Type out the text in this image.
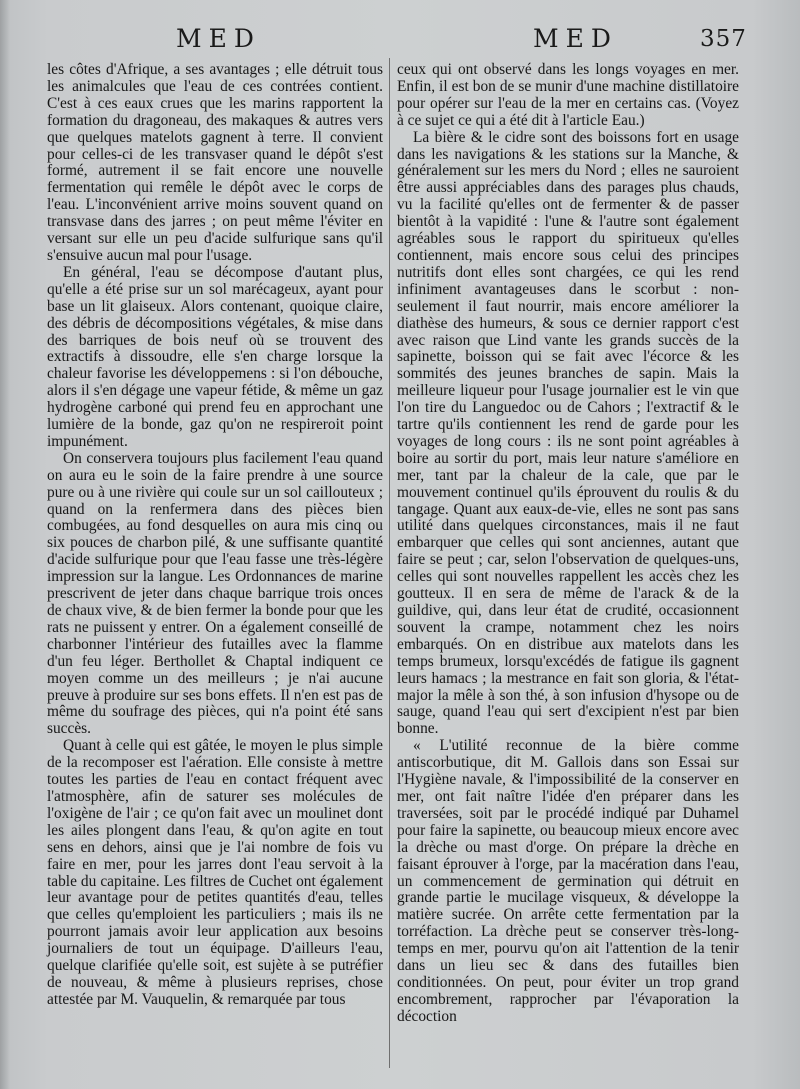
MED	MED	357

les côtes d'Afrique, a ses avantages ; elle détruit tous les animalcules que l'eau de ces contrées contient. C'est à ces eaux crues que les marins rapportent la formation du dragoneau, des makaques & autres vers que quelques matelots gagnent à terre. Il convient pour celles-ci de les transvaser quand le dépôt s'est formé, autrement il se fait encore une nouvelle fermentation qui remêle le dépôt avec le corps de l'eau. L'inconvénient arrive moins souvent quand on transvase dans des jarres ; on peut même l'éviter en versant sur elle un peu d'acide sulfurique sans qu'il s'ensuive aucun mal pour l'usage.

En général, l'eau se décompose d'autant plus, qu'elle a été prise sur un sol marécageux, ayant pour base un lit glaiseux. Alors contenant, quoique claire, des débris de décompositions végétales, & mise dans des barriques de bois neuf où se trouvent des extractifs à dissoudre, elle s'en charge lorsque la chaleur favorise les développemens : si l'on débouche, alors il s'en dégage une vapeur fétide, & même un gaz hydrogène carboné qui prend feu en approchant une lumière de la bonde, gaz qu'on ne respireroit point impunément.

On conservera toujours plus facilement l'eau quand on aura eu le soin de la faire prendre à une source pure ou à une rivière qui coule sur un sol caillouteux ; quand on la renfermera dans des pièces bien combugées, au fond desquelles on aura mis cinq ou six pouces de charbon pilé, & une suffisante quantité d'acide sulfurique pour que l'eau fasse une très-légère impression sur la langue. Les Ordonnances de marine prescrivent de jeter dans chaque barrique trois onces de chaux vive, & de bien fermer la bonde pour que les rats ne puissent y entrer. On a également conseillé de charbonner l'intérieur des futailles avec la flamme d'un feu léger. Berthollet & Chaptal indiquent ce moyen comme un des meilleurs ; je n'ai aucune preuve à produire sur ses bons effets. Il n'en est pas de même du soufrage des pièces, qui n'a point été sans succès.

Quant à celle qui est gâtée, le moyen le plus simple de la recomposer est l'aération. Elle consiste à mettre toutes les parties de l'eau en contact fréquent avec l'atmosphère, afin de saturer ses molécules de l'oxigène de l'air ; ce qu'on fait avec un moulinet dont les ailes plongent dans l'eau, & qu'on agite en tout sens en dehors, ainsi que je l'ai nombre de fois vu faire en mer, pour les jarres dont l'eau servoit à la table du capitaine. Les filtres de Cuchet ont également leur avantage pour de petites quantités d'eau, telles que celles qu'emploient les particuliers ; mais ils ne pourront jamais avoir leur application aux besoins journaliers de tout un équipage. D'ailleurs l'eau, quelque clarifiée qu'elle soit, est sujète à se putréfier de nouveau, & même à plusieurs reprises, chose attestée par M. Vauquelin, & remarquée par tous

ceux qui ont observé dans les longs voyages en mer. Enfin, il est bon de se munir d'une machine distillatoire pour opérer sur l'eau de la mer en certains cas. (Voyez à ce sujet ce qui a été dit à l'article Eau.)

La bière & le cidre sont des boissons fort en usage dans les navigations & les stations sur la Manche, & généralement sur les mers du Nord ; elles ne sauroient être aussi appréciables dans des parages plus chauds, vu la facilité qu'elles ont de fermenter & de passer bientôt à la vapidité : l'une & l'autre sont également agréables sous le rapport du spiritueux qu'elles contiennent, mais encore sous celui des principes nutritifs dont elles sont chargées, ce qui les rend infiniment avantageuses dans le scorbut : non-seulement il faut nourrir, mais encore améliorer la diathèse des humeurs, & sous ce dernier rapport c'est avec raison que Lind vante les grands succès de la sapinette, boisson qui se fait avec l'écorce & les sommités des jeunes branches de sapin. Mais la meilleure liqueur pour l'usage journalier est le vin que l'on tire du Languedoc ou de Cahors ; l'extractif & le tartre qu'ils contiennent les rend de garde pour les voyages de long cours : ils ne sont point agréables à boire au sortir du port, mais leur nature s'améliore en mer, tant par la chaleur de la cale, que par le mouvement continuel qu'ils éprouvent du roulis & du tangage. Quant aux eaux-de-vie, elles ne sont pas sans utilité dans quelques circonstances, mais il ne faut embarquer que celles qui sont anciennes, autant que faire se peut ; car, selon l'observation de quelques-uns, celles qui sont nouvelles rappellent les accès chez les goutteux. Il en sera de même de l'arack & de la guildive, qui, dans leur état de crudité, occasionnent souvent la crampe, notamment chez les noirs embarqués. On en distribue aux matelots dans les temps brumeux, lorsqu'excédés de fatigue ils gagnent leurs hamacs ; la mestrance en fait son gloria, & l'état-major la mêle à son thé, à son infusion d'hysope ou de sauge, quand l'eau qui sert d'excipient n'est par bien bonne.

« L'utilité reconnue de la bière comme antiscorbutique, dit M. Gallois dans son Essai sur l'Hygiène navale, & l'impossibilité de la conserver en mer, ont fait naître l'idée d'en préparer dans les traversées, soit par le procédé indiqué par Duhamel pour faire la sapinette, ou beaucoup mieux encore avec la drèche ou mast d'orge. On prépare la drèche en faisant éprouver à l'orge, par la macération dans l'eau, un commencement de germination qui détruit en grande partie le mucilage visqueux, & développe la matière sucrée. On arrête cette fermentation par la torréfaction. La drèche peut se conserver très-long-temps en mer, pourvu qu'on ait l'attention de la tenir dans un lieu sec & dans des futailles bien conditionnées. On peut, pour éviter un trop grand encombrement, rapprocher par l'évaporation la décoction
